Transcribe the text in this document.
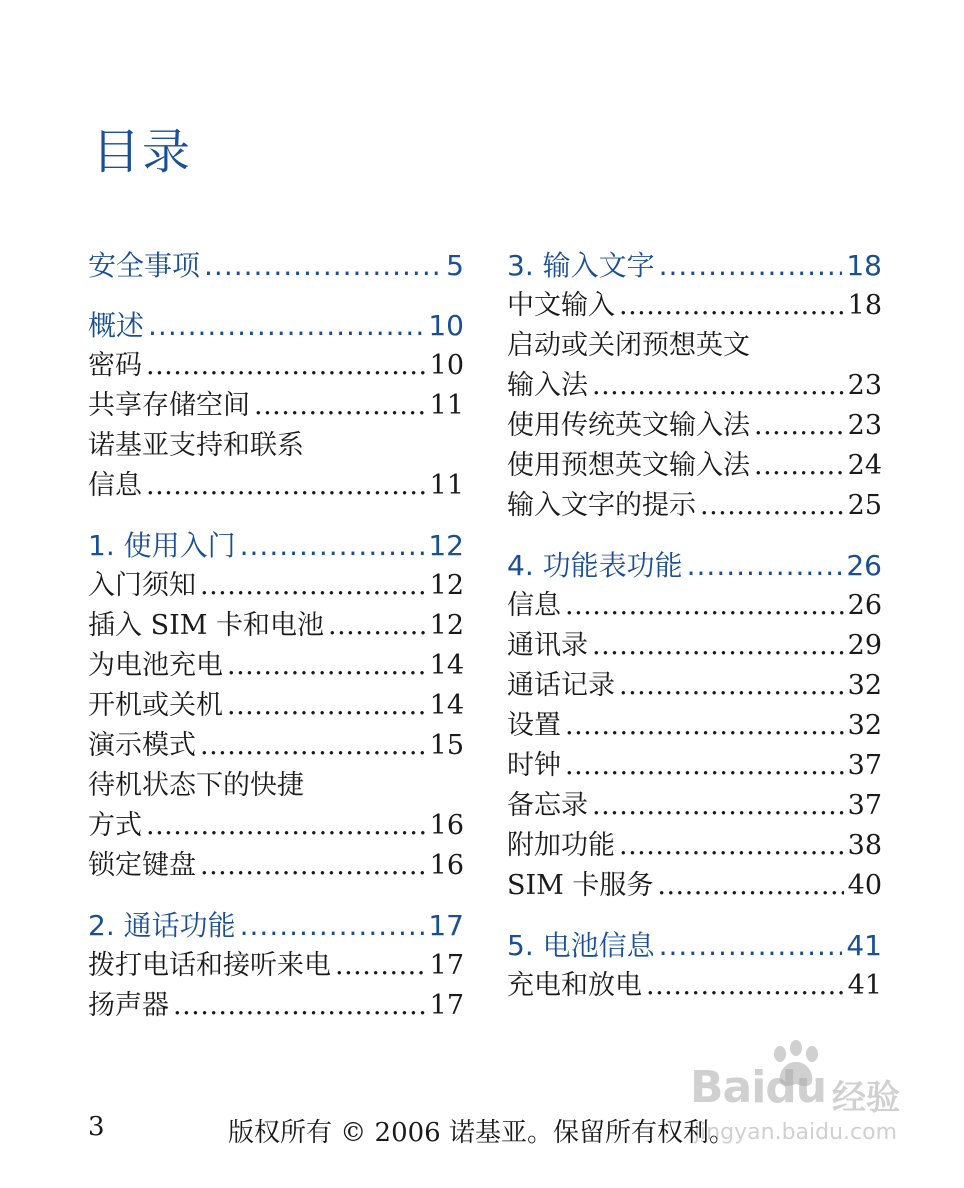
目录
安全事项 .....	5
概述 .....	10
密码 .....	10
共享存储空间 .....	11
诺基亚支持和联系
信息 .....	11
1. 使用入门 .....	12
入门须知 .....	12
插入 SIM 卡和电池 .....	12
为电池充电 .....	14
开机或关机 .....	14
演示模式 .....	15
待机状态下的快捷
方式 .....	16
锁定键盘 .....	16
2. 通话功能 .....	17
拨打电话和接听来电 .....	17
扬声器 .....	17
3. 输入文字 .....	18
中文输入 .....	18
启动或关闭预想英文
输入法 .....	23
使用传统英文输入法 .....	23
使用预想英文输入法 .....	24
输入文字的提示 .....	25
4. 功能表功能 .....	26
信息 .....	26
通讯录 .....	29
通话记录 .....	32
设置 .....	32
时钟 .....	37
备忘录 .....	37
附加功能 .....	38
SIM 卡服务 .....	40
5. 电池信息 .....	41
充电和放电 .....	41
Baidu 经验
jingyan.baidu.com
3	版权所有 © 2006 诺基亚。保留所有权利。
